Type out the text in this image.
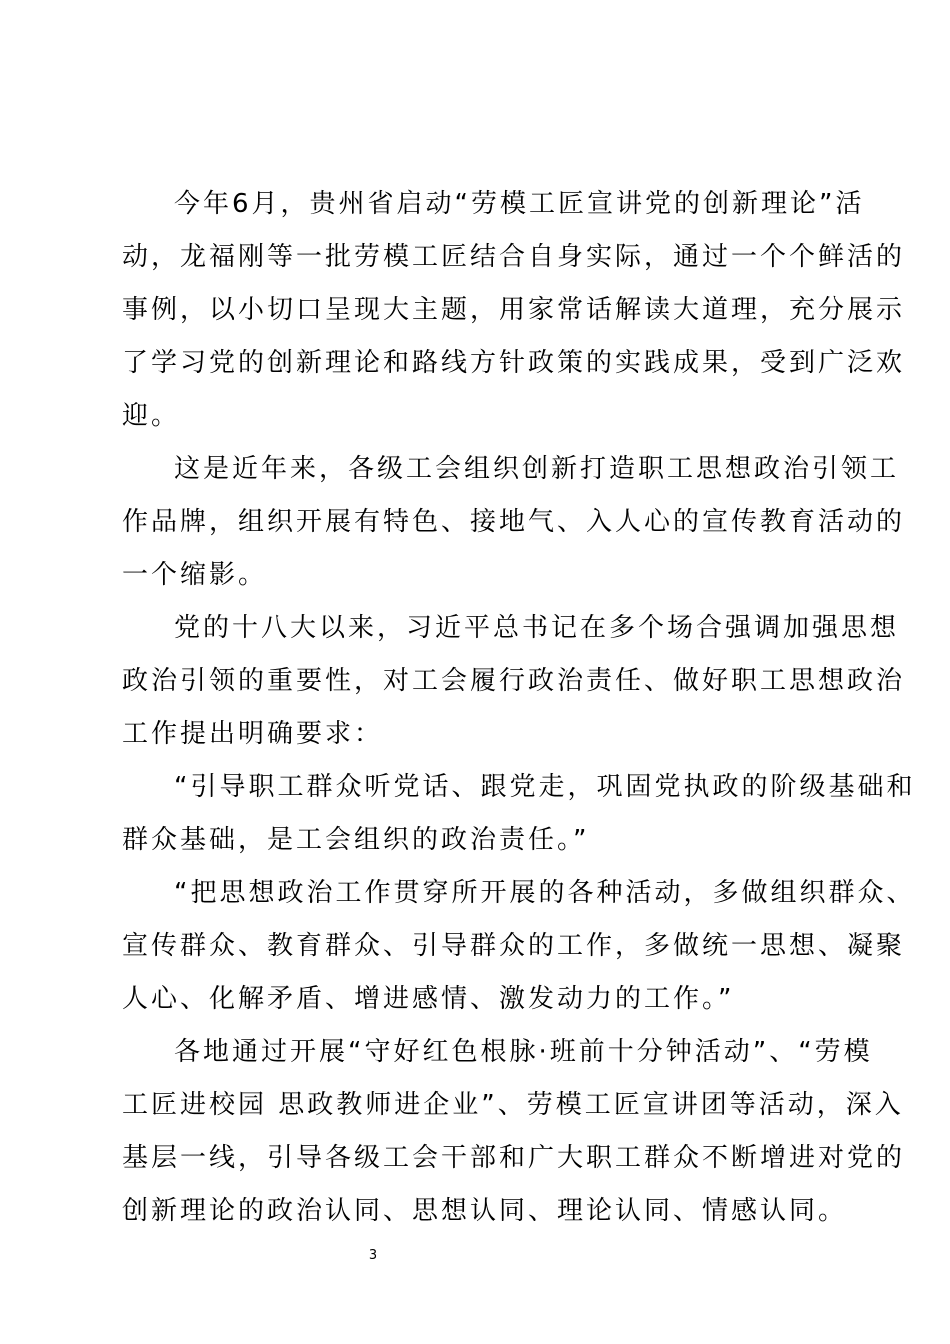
今年6月，贵州省启动“劳模工匠宣讲党的创新理论”活
动，龙福刚等一批劳模工匠结合自身实际，通过一个个鲜活的
事例，以小切口呈现大主题，用家常话解读大道理，充分展示
了学习党的创新理论和路线方针政策的实践成果，受到广泛欢
迎。
这是近年来，各级工会组织创新打造职工思想政治引领工
作品牌，组织开展有特色、接地气、入人心的宣传教育活动的
一个缩影。
党的十八大以来，习近平总书记在多个场合强调加强思想
政治引领的重要性，对工会履行政治责任、做好职工思想政治
工作提出明确要求：
“引导职工群众听党话、跟党走，巩固党执政的阶级基础和
群众基础，是工会组织的政治责任。”
“把思想政治工作贯穿所开展的各种活动，多做组织群众、
宣传群众、教育群众、引导群众的工作，多做统一思想、凝聚
人心、化解矛盾、增进感情、激发动力的工作。”
各地通过开展“守好红色根脉·班前十分钟活动”、“劳模
工匠进校园 思政教师进企业”、劳模工匠宣讲团等活动，深入
基层一线，引导各级工会干部和广大职工群众不断增进对党的
创新理论的政治认同、思想认同、理论认同、情感认同。
3
